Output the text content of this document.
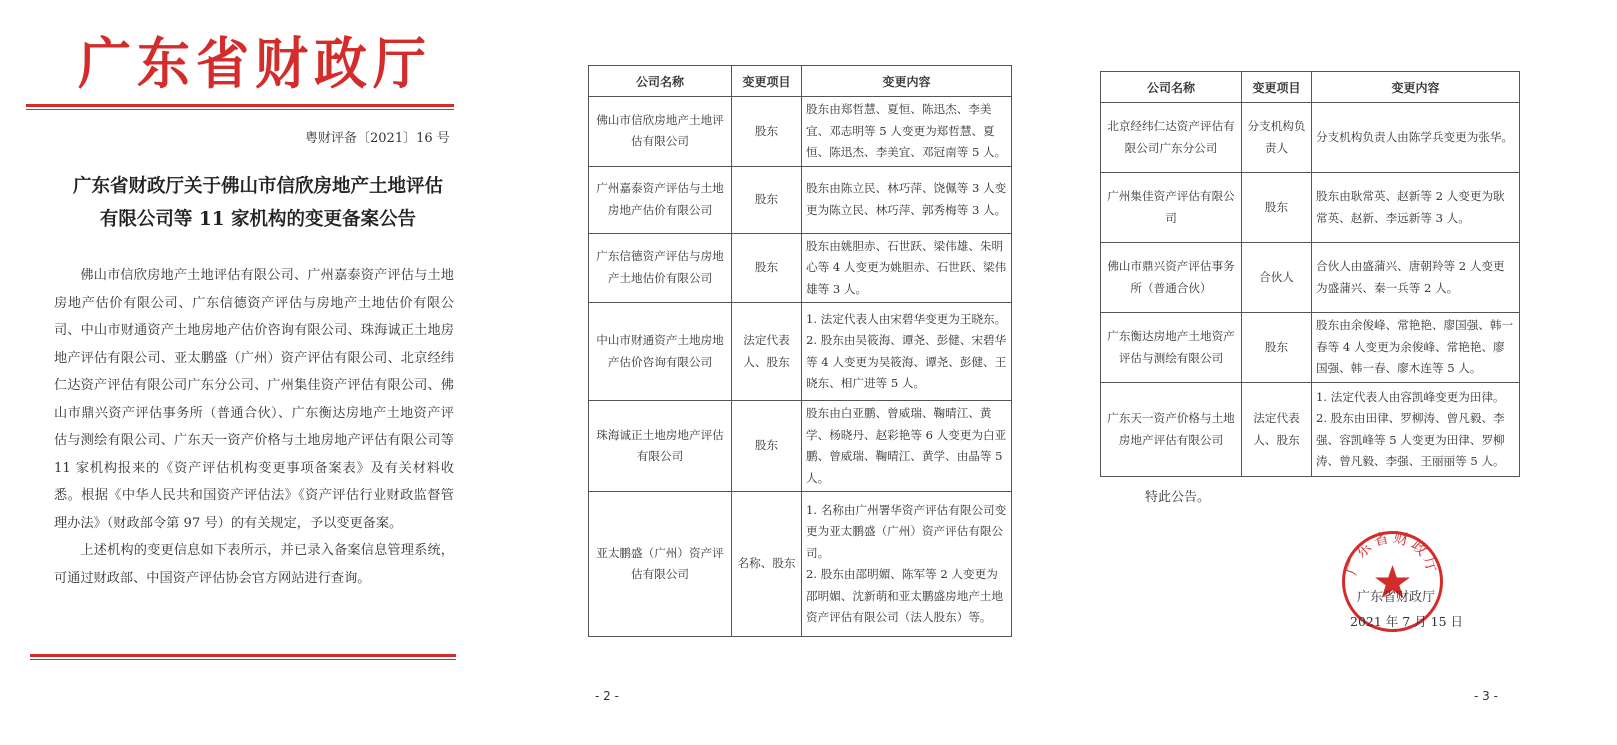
广东省财政厅
粤财评备〔2021〕16 号
广东省财政厅关于佛山市信欣房地产土地评估
有限公司等 11 家机构的变更备案公告

佛山市信欣房地产土地评估有限公司、广州嘉泰资产评估与土地房地产估价有限公司、广东信德资产评估与房地产土地估价有限公司、中山市财通资产土地房地产估价咨询有限公司、珠海诚正土地房地产评估有限公司、亚太鹏盛（广州）资产评估有限公司、北京经纬仁达资产评估有限公司广东分公司、广州集佳资产评估有限公司、佛山市鼎兴资产评估事务所（普通合伙）、广东衡达房地产土地资产评估与测绘有限公司、广东天一资产价格与土地房地产评估有限公司等 11 家机构报来的《资产评估机构变更事项备案表》及有关材料收悉。根据《中华人民共和国资产评估法》《资产评估行业财政监督管理办法》（财政部令第 97 号）的有关规定，予以变更备案。

上述机构的变更信息如下表所示，并已录入备案信息管理系统，可通过财政部、中国资产评估协会官方网站进行查询。

公司名称	变更项目	变更内容
佛山市信欣房地产土地评估有限公司	股东	股东由郑哲慧、夏恒、陈迅杰、李美宜、邓志明等 5 人变更为郑哲慧、夏恒、陈迅杰、李美宜、邓冠南等 5 人。
广州嘉泰资产评估与土地房地产估价有限公司	股东	股东由陈立民、林巧萍、饶佩等 3 人变更为陈立民、林巧萍、郭秀梅等 3 人。
广东信德资产评估与房地产土地估价有限公司	股东	股东由姚胆赤、石世跃、梁伟雄、朱明心等 4 人变更为姚胆赤、石世跃、梁伟雄等 3 人。
中山市财通资产土地房地产估价咨询有限公司	法定代表人、股东	1. 法定代表人由宋碧华变更为王晓东。
2. 股东由吴筱海、谭尧、彭健、宋碧华等 4 人变更为吴筱海、谭尧、彭健、王晓东、相广进等 5 人。
珠海诚正土地房地产评估有限公司	股东	股东由白亚鹏、曾威瑞、鞠晴江、黄学、杨晓丹、赵彩艳等 6 人变更为白亚鹏、曾威瑞、鞠晴江、黄学、由晶等 5 人。
亚太鹏盛（广州）资产评估有限公司	名称、股东	1. 名称由广州署华资产评估有限公司变更为亚太鹏盛（广州）资产评估有限公司。
2. 股东由邵明媚、陈军等 2 人变更为邵明媚、沈新萌和亚太鹏盛房地产土地资产评估有限公司（法人股东）等。
- 2 -
公司名称	变更项目	变更内容
北京经纬仁达资产评估有限公司广东分公司	分支机构负责人	分支机构负责人由陈学兵变更为张华。
广州集佳资产评估有限公司	股东	股东由耿常英、赵新等 2 人变更为耿常英、赵新、李远新等 3 人。
佛山市鼎兴资产评估事务所（普通合伙）	合伙人	合伙人由盛蒲兴、唐朝羚等 2 人变更为盛蒲兴、秦一兵等 2 人。
广东衡达房地产土地资产评估与测绘有限公司	股东	股东由余俊峰、常艳艳、廖国强、韩一春等 4 人变更为余俊峰、常艳艳、廖国强、韩一春、廖木连等 5 人。
广东天一资产价格与土地房地产评估有限公司	法定代表人、股东	1. 法定代表人由容凯峰变更为田律。
2. 股东由田律、罗柳涛、曾凡毅、李强、容凯峰等 5 人变更为田律、罗柳涛、曾凡毅、李强、王丽丽等 5 人。
特此公告。
广东省财政厅
广东省财政厅
2021 年 7 月 15 日
- 3 -
